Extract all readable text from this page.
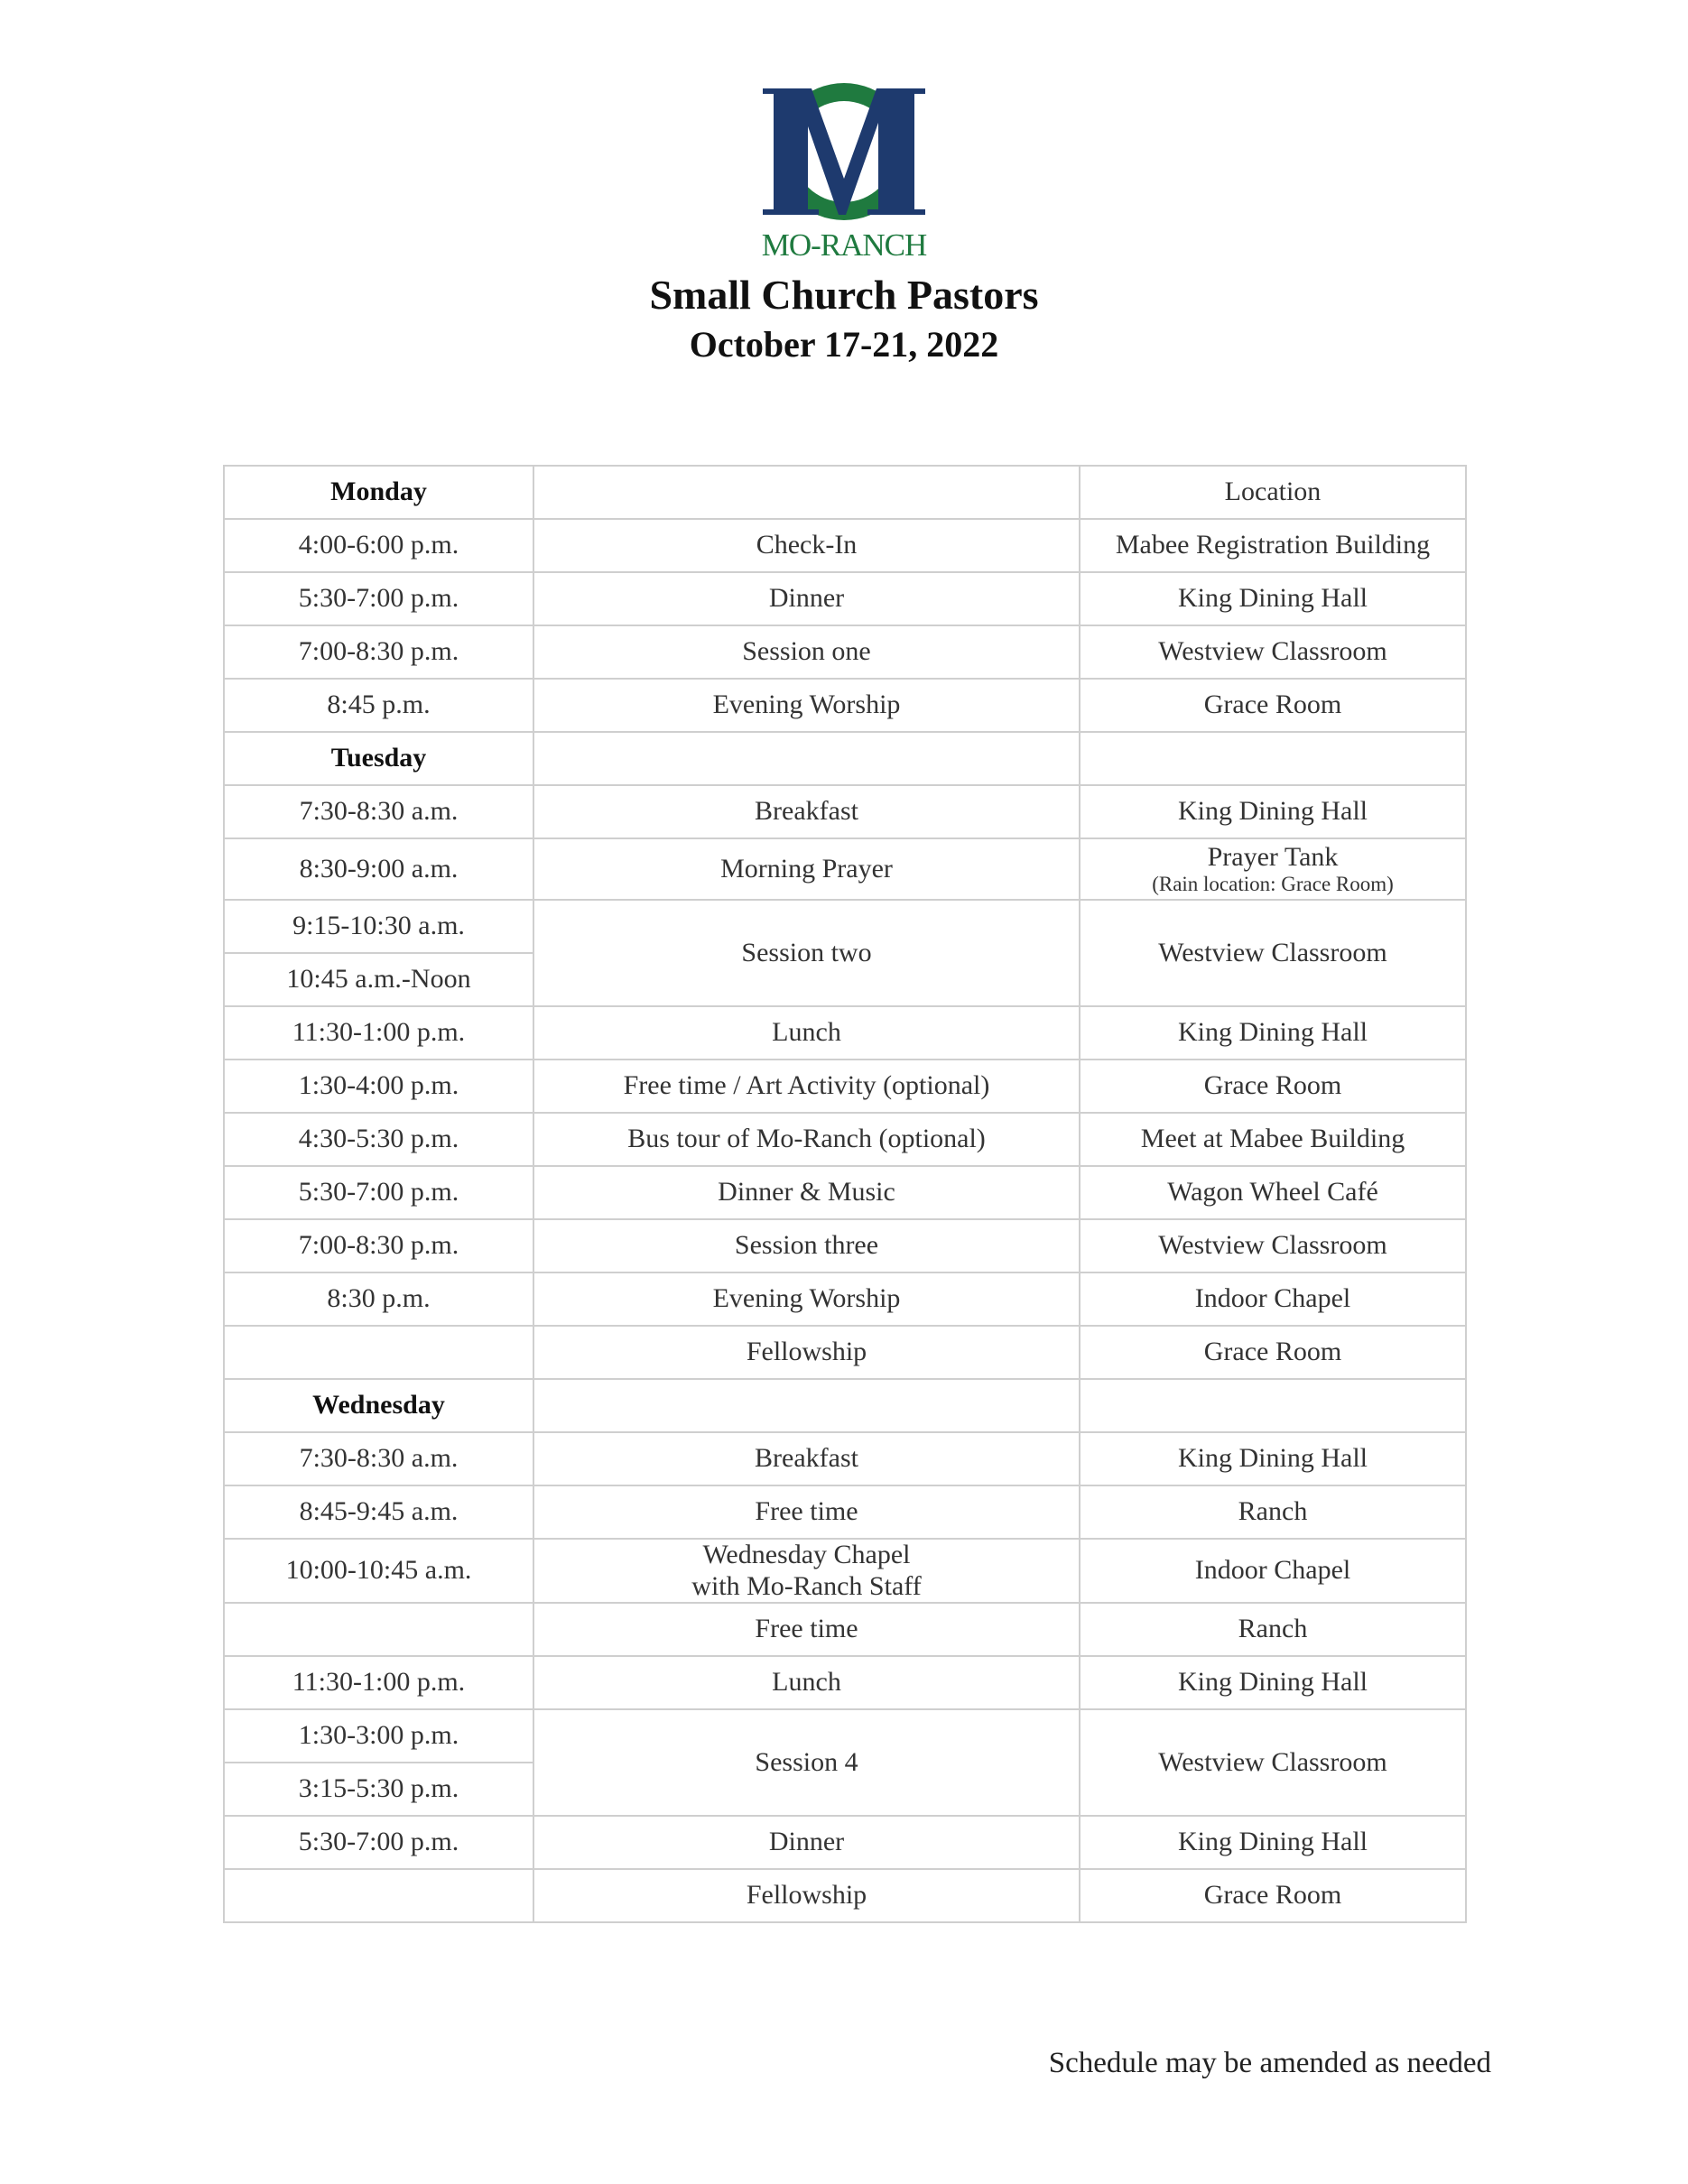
MO-RANCH
Small Church Pastors
October 17-21, 2022
Monday		Location
4:00-6:00 p.m.	Check-In	Mabee Registration Building
5:30-7:00 p.m.	Dinner	King Dining Hall
7:00-8:30 p.m.	Session one	Westview Classroom
8:45 p.m.	Evening Worship	Grace Room
Tuesday		
7:30-8:30 a.m.	Breakfast	King Dining Hall
8:30-9:00 a.m.	Morning Prayer	Prayer Tank
(Rain location: Grace Room)

9:15-10:30 a.m.	Session two	Westview Classroom
10:45 a.m.-Noon		
11:30-1:00 p.m.	Lunch	King Dining Hall
1:30-4:00 p.m.	Free time / Art Activity (optional)	Grace Room
4:30-5:30 p.m.	Bus tour of Mo-Ranch (optional)	Meet at Mabee Building
5:30-7:00 p.m.	Dinner & Music	Wagon Wheel Café
7:00-8:30 p.m.	Session three	Westview Classroom
8:30 p.m.	Evening Worship	Indoor Chapel
	Fellowship	Grace Room
Wednesday		
7:30-8:30 a.m.	Breakfast	King Dining Hall
8:45-9:45 a.m.	Free time	Ranch
10:00-10:45 a.m.	Wednesday Chapel
with Mo-Ranch Staff	Indoor Chapel
	Free time	Ranch
11:30-1:00 p.m.	Lunch	King Dining Hall
1:30-3:00 p.m.	Session 4	Westview Classroom
3:15-5:30 p.m.		
5:30-7:00 p.m.	Dinner	King Dining Hall
	Fellowship	Grace Room
Schedule may be amended as needed
